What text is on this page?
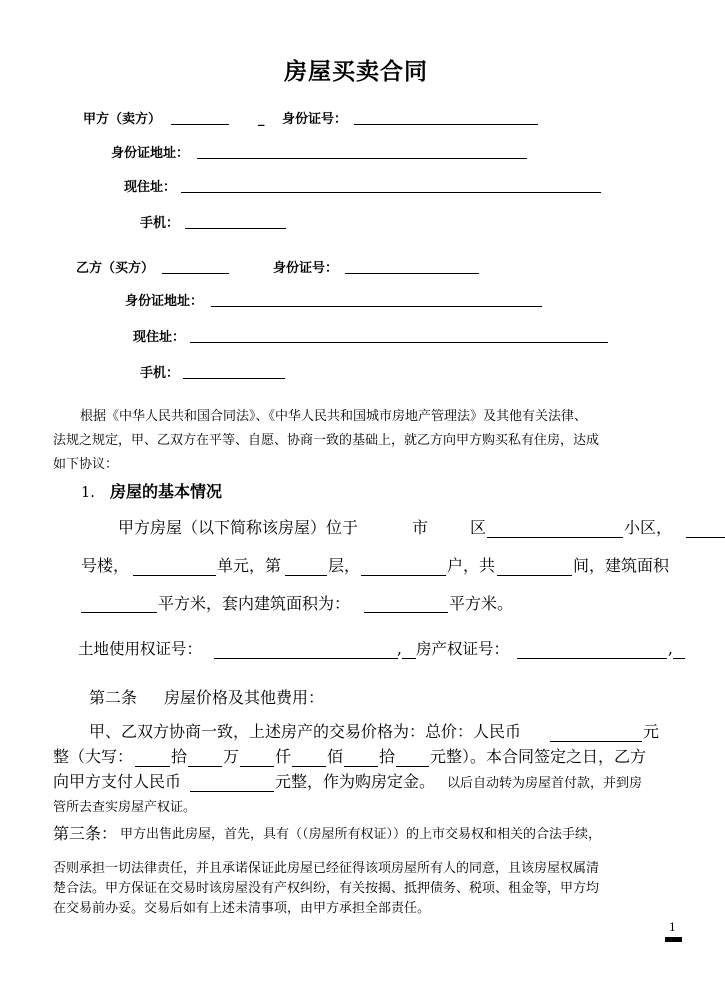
房屋买卖合同
甲方（卖方）	_ 身份证号：
身份证地址：
现住址：
手机：
乙方（买方）	身份证号：
身份证地址：
现住址：
手机：
根据《中华人民共和国合同法》、《中华人民共和国城市房地产管理法》及其他有关法律、
法规之规定，甲、乙双方在平等、自愿、协商一致的基础上，就乙方向甲方购买私有住房，达成
如下协议：
1. 房屋的基本情况
甲方房屋（以下简称该房屋）位于	市	区	小区，
号楼，	单元，第	层，	户，共	间，建筑面积
平方米，套内建筑面积为：	平方米。
土地使用权证号：	, 房产权证号：	,
第二条 房屋价格及其他费用：
甲、乙双方协商一致，上述房产的交易价格为：总价：人民币	元
整（大写： 拾 万 仟 佰 拾 元整）。本合同签定之日，乙方
向甲方支付人民币	元整，作为购房定金。 以后自动转为房屋首付款，并到房
管所去查实房屋产权证。
第三条： 甲方出售此房屋，首先，具有（（房屋所有权证））的上市交易权和相关的合法手续，
否则承担一切法律责任，并且承诺保证此房屋已经征得该项房屋所有人的同意，且该房屋权属清
楚合法。甲方保证在交易时该房屋没有产权纠纷，有关按揭、抵押债务、税项、租金等，甲方均
在交易前办妥。交易后如有上述未清事项，由甲方承担全部责任。
1
